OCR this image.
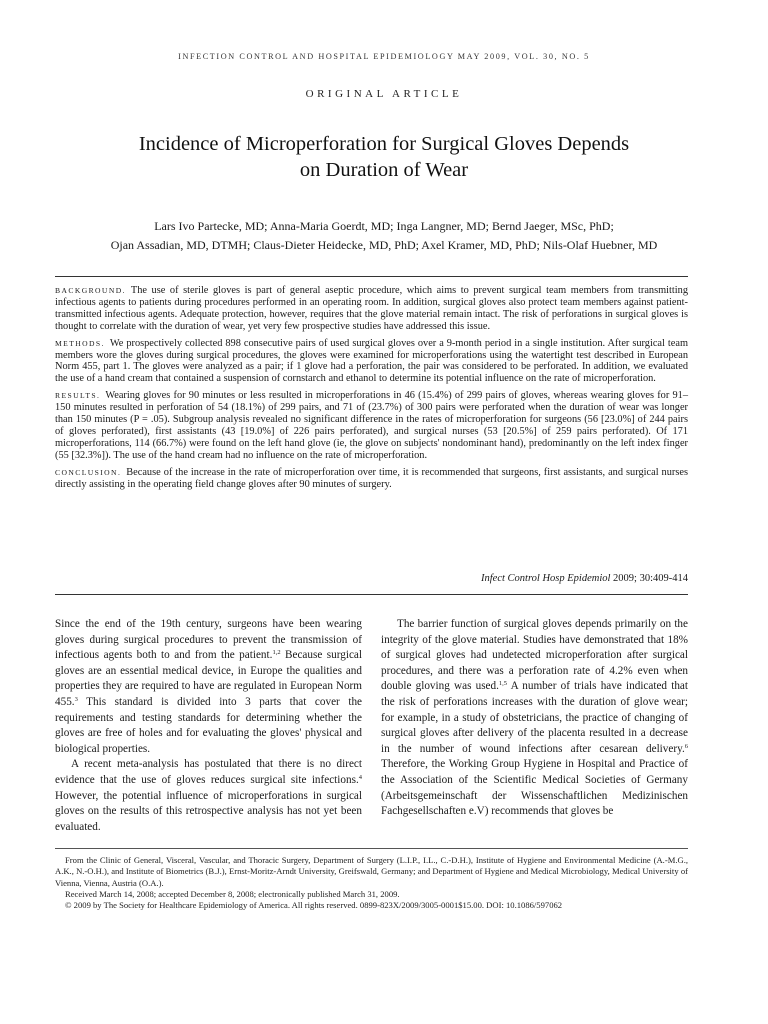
INFECTION CONTROL AND HOSPITAL EPIDEMIOLOGY MAY 2009, VOL. 30, NO. 5
ORIGINAL ARTICLE
Incidence of Microperforation for Surgical Gloves Depends
on Duration of Wear
Lars Ivo Partecke, MD; Anna-Maria Goerdt, MD; Inga Langner, MD; Bernd Jaeger, MSc, PhD;
Ojan Assadian, MD, DTMH; Claus-Dieter Heidecke, MD, PhD; Axel Kramer, MD, PhD; Nils-Olaf Huebner, MD

BACKGROUND. The use of sterile gloves is part of general aseptic procedure, which aims to prevent surgical team members from transmitting infectious agents to patients during procedures performed in an operating room. In addition, surgical gloves also protect team members against patient-transmitted infectious agents. Adequate protection, however, requires that the glove material remain intact. The risk of perforations in surgical gloves is thought to correlate with the duration of wear, yet very few prospective studies have addressed this issue.

METHODS. We prospectively collected 898 consecutive pairs of used surgical gloves over a 9-month period in a single institution. After surgical team members wore the gloves during surgical procedures, the gloves were examined for microperforations using the watertight test described in European Norm 455, part 1. The gloves were analyzed as a pair; if 1 glove had a perforation, the pair was considered to be perforated. In addition, we evaluated the use of a hand cream that contained a suspension of cornstarch and ethanol to determine its potential influence on the rate of microperforation.

RESULTS. Wearing gloves for 90 minutes or less resulted in microperforations in 46 (15.4%) of 299 pairs of gloves, whereas wearing gloves for 91–150 minutes resulted in perforation of 54 (18.1%) of 299 pairs, and 71 of (23.7%) of 300 pairs were perforated when the duration of wear was longer than 150 minutes (P = .05). Subgroup analysis revealed no significant difference in the rates of microperforation for surgeons (56 [23.0%] of 244 pairs of gloves perforated), first assistants (43 [19.0%] of 226 pairs perforated), and surgical nurses (53 [20.5%] of 259 pairs perforated). Of 171 microperforations, 114 (66.7%) were found on the left hand glove (ie, the glove on subjects' nondominant hand), predominantly on the left index finger (55 [32.3%]). The use of the hand cream had no influence on the rate of microperforation.

CONCLUSION. Because of the increase in the rate of microperforation over time, it is recommended that surgeons, first assistants, and surgical nurses directly assisting in the operating field change gloves after 90 minutes of surgery.

Infect Control Hosp Epidemiol 2009; 30:409-414

Since the end of the 19th century, surgeons have been wearing gloves during surgical procedures to prevent the transmission of infectious agents both to and from the patient.$^{1,2}$ Because surgical gloves are an essential medical device, in Europe the qualities and properties they are required to have are regulated in European Norm 455.$^3$ This standard is divided into 3 parts that cover the requirements and testing standards for determining whether the gloves are free of holes and for evaluating the gloves' physical and biological properties.

A recent meta-analysis has postulated that there is no direct evidence that the use of gloves reduces surgical site infections.$^4$ However, the potential influence of microperforations in surgical gloves on the results of this retrospective analysis has not yet been evaluated.

The barrier function of surgical gloves depends primarily on the integrity of the glove material. Studies have demonstrated that 18% of surgical gloves had undetected microperforation after surgical procedures, and there was a perforation rate of 4.2% even when double gloving was used.$^{1,5}$ A number of trials have indicated that the risk of perforations increases with the duration of glove wear; for example, in a study of obstetricians, the practice of changing of surgical gloves after delivery of the placenta resulted in a decrease in the number of wound infections after cesarean delivery.$^6$ Therefore, the Working Group Hygiene in Hospital and Practice of the Association of the Scientific Medical Societies of Germany (Arbeitsgemeinschaft der Wissenschaftlichen Medizinischen Fachgesellschaften e.V) recommends that gloves be

From the Clinic of General, Visceral, Vascular, and Thoracic Surgery, Department of Surgery (L.I.P., I.L., C.-D.H.), Institute of Hygiene and Environmental Medicine (A.-M.G., A.K., N.-O.H.), and Institute of Biometrics (B.J.), Ernst-Moritz-Arndt University, Greifswald, Germany; and Department of Hygiene and Medical Microbiology, Medical University of Vienna, Vienna, Austria (O.A.).

Received March 14, 2008; accepted December 8, 2008; electronically published March 31, 2009.

© 2009 by The Society for Healthcare Epidemiology of America. All rights reserved. 0899-823X/2009/3005-0001$15.00. DOI: 10.1086/597062
